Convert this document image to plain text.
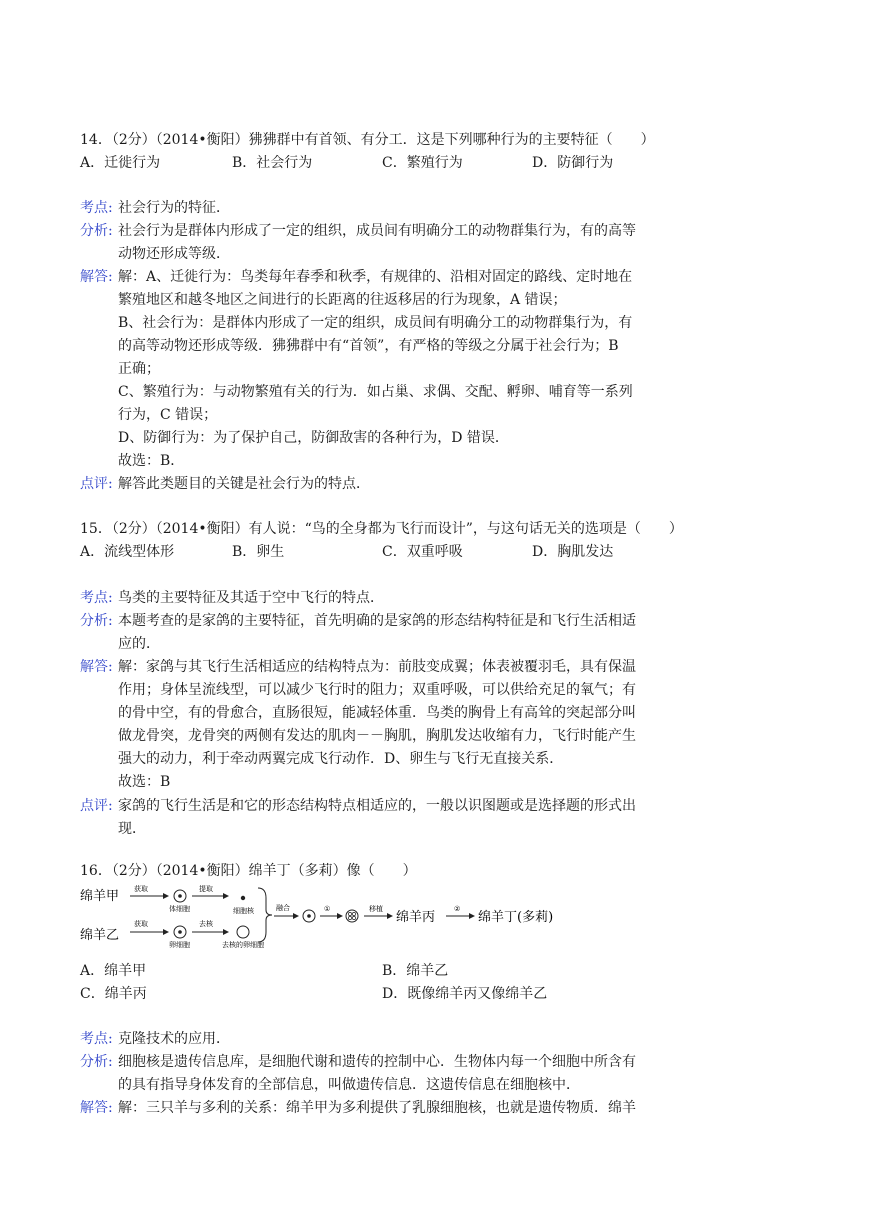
14．（2分）（2014•衡阳）狒狒群中有首领、有分工．这是下列哪种行为的主要特征（　　）
A．迁徙行为	B．社会行为	C．繁殖行为	D．防御行为
考点: 社会行为的特征．
分析: 社会行为是群体内形成了一定的组织，成员间有明确分工的动物群集行为，有的高等
动物还形成等级．
解答: 解：A、迁徙行为：鸟类每年春季和秋季，有规律的、沿相对固定的路线、定时地在
繁殖地区和越冬地区之间进行的长距离的往返移居的行为现象，A 错误；
B、社会行为：是群体内形成了一定的组织，成员间有明确分工的动物群集行为，有
的高等动物还形成等级．狒狒群中有“首领”，有严格的等级之分属于社会行为；B
正确；
C、繁殖行为：与动物繁殖有关的行为．如占巢、求偶、交配、孵卵、哺育等一系列
行为，C 错误；
D、防御行为：为了保护自己，防御敌害的各种行为，D 错误．
故选：B．
点评: 解答此类题目的关键是社会行为的特点．
15．（2分）（2014•衡阳）有人说：“鸟的全身都为飞行而设计”，与这句话无关的选项是（　　）
A．流线型体形	B．卵生	C．双重呼吸	D．胸肌发达
考点: 鸟类的主要特征及其适于空中飞行的特点．
分析: 本题考查的是家鸽的主要特征，首先明确的是家鸽的形态结构特征是和飞行生活相适
应的．
解答: 解：家鸽与其飞行生活相适应的结构特点为：前肢变成翼；体表被覆羽毛，具有保温
作用；身体呈流线型，可以减少飞行时的阻力；双重呼吸，可以供给充足的氧气；有
的骨中空，有的骨愈合，直肠很短，能减轻体重．鸟类的胸骨上有高耸的突起部分叫
做龙骨突，龙骨突的两侧有发达的肌肉－－胸肌，胸肌发达收缩有力，飞行时能产生
强大的动力，利于牵动两翼完成飞行动作．D、卵生与飞行无直接关系．
故选：B
点评: 家鸽的飞行生活是和它的形态结构特点相适应的，一般以识图题或是选择题的形式出
现．
16．（2分）（2014•衡阳）绵羊丁（多莉）像（　　）
绵羊甲 获取
体细胞
提取
细胞核
绵羊乙
获取
卵细胞
去核
去核的卵细胞
融合	①	移植
绵羊丙
②
绵羊丁(多莉)
A．绵羊甲	B．绵羊乙
C．绵羊丙	D．既像绵羊丙又像绵羊乙
考点: 克隆技术的应用．
分析: 细胞核是遗传信息库，是细胞代谢和遗传的控制中心．生物体内每一个细胞中所含有
的具有指导身体发育的全部信息，叫做遗传信息．这遗传信息在细胞核中．
解答: 解：三只羊与多利的关系：绵羊甲为多利提供了乳腺细胞核，也就是遗传物质．绵羊
